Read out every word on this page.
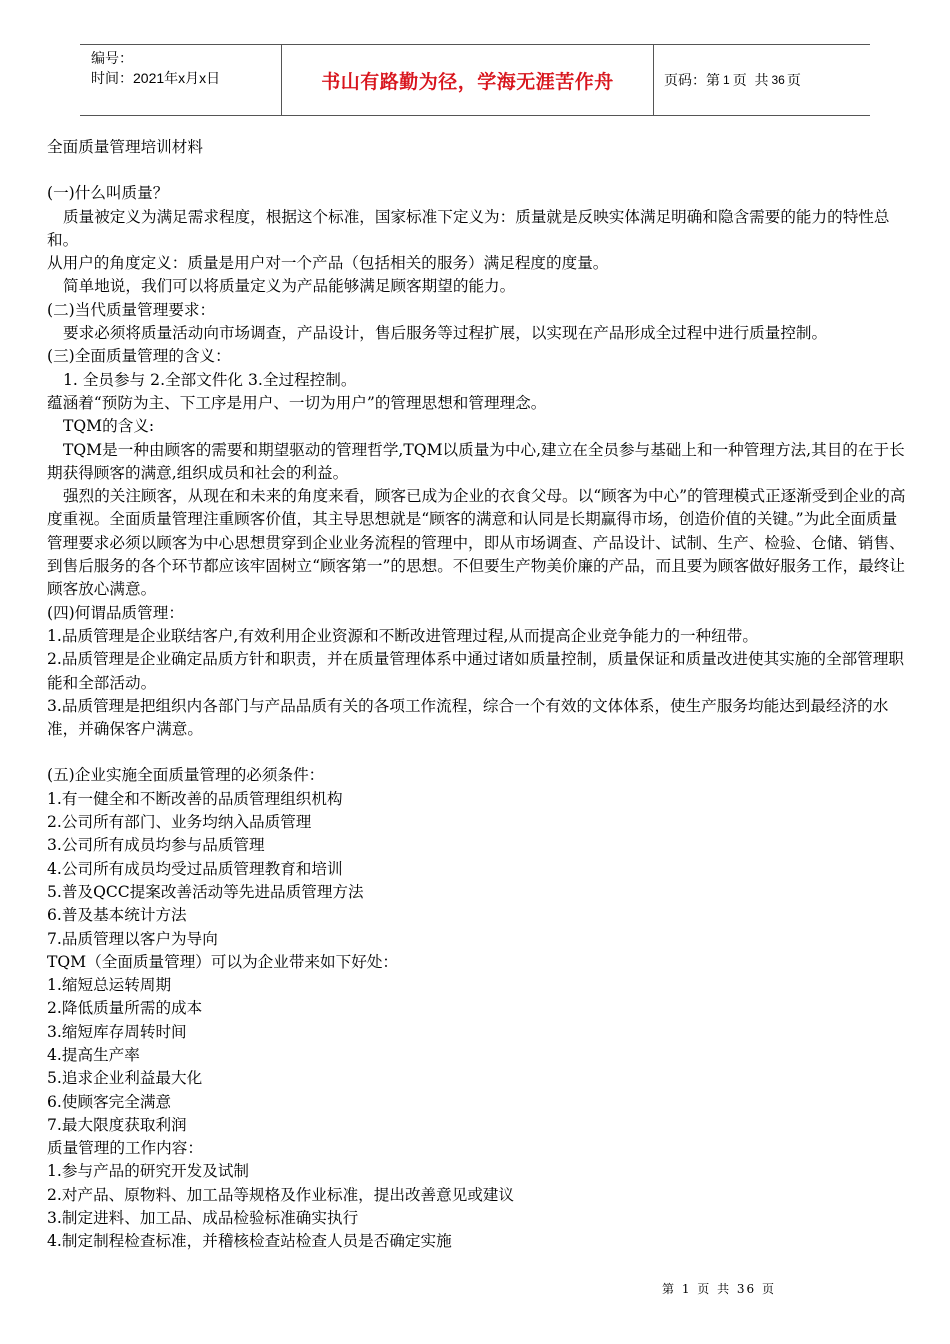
编号：
时间：2021年x月x日	书山有路勤为径，学海无涯苦作舟	页码：第 1 页  共 36 页

全面质量管理培训材料

(一)什么叫质量？

质量被定义为满足需求程度，根据这个标准，国家标准下定义为：质量就是反映实体满足明确和隐含需要的能力的特性总和。

从用户的角度定义：质量是用户对一个产品（包括相关的服务）满足程度的度量。

简单地说，我们可以将质量定义为产品能够满足顾客期望的能力。

(二)当代质量管理要求：

要求必须将质量活动向市场调查，产品设计，售后服务等过程扩展，以实现在产品形成全过程中进行质量控制。

(三)全面质量管理的含义：

1. 全员参与 2.全部文件化 3.全过程控制。

蕴涵着“预防为主、下工序是用户、一切为用户”的管理思想和管理理念。

TQM的含义:

TQM是一种由顾客的需要和期望驱动的管理哲学,TQM以质量为中心,建立在全员参与基础上和一种管理方法,其目的在于长期获得顾客的满意,组织成员和社会的利益。

强烈的关注顾客，从现在和未来的角度来看，顾客已成为企业的衣食父母。以“顾客为中心”的管理模式正逐渐受到企业的高度重视。全面质量管理注重顾客价值，其主导思想就是“顾客的满意和认同是长期赢得市场，创造价值的关键。”为此全面质量管理要求必须以顾客为中心思想贯穿到企业业务流程的管理中，即从市场调查、产品设计、试制、生产、检验、仓储、销售、到售后服务的各个环节都应该牢固树立“顾客第一”的思想。不但要生产物美价廉的产品，而且要为顾客做好服务工作，最终让顾客放心满意。

(四)何谓品质管理：

1.品质管理是企业联结客户,有效利用企业资源和不断改进管理过程,从而提高企业竞争能力的一种纽带。

2.品质管理是企业确定品质方针和职责，并在质量管理体系中通过诸如质量控制，质量保证和质量改进使其实施的全部管理职能和全部活动。

3.品质管理是把组织内各部门与产品品质有关的各项工作流程，综合一个有效的文体体系，使生产服务均能达到最经济的水准，并确保客户满意。

(五)企业实施全面质量管理的必须条件：

1.有一健全和不断改善的品质管理组织机构

2.公司所有部门、业务均纳入品质管理

3.公司所有成员均参与品质管理

4.公司所有成员均受过品质管理教育和培训

5.普及QCC提案改善活动等先进品质管理方法

6.普及基本统计方法

7.品质管理以客户为导向

TQM（全面质量管理）可以为企业带来如下好处：

1.缩短总运转周期

2.降低质量所需的成本

3.缩短库存周转时间

4.提高生产率

5.追求企业利益最大化

6.使顾客完全满意

7.最大限度获取利润

质量管理的工作内容：

1.参与产品的研究开发及试制

2.对产品、原物料、加工品等规格及作业标准，提出改善意见或建议

3.制定进料、加工品、成品检验标准确实执行

4.制定制程检查标准，并稽核检查站检查人员是否确定实施

第 1 页 共 36 页
